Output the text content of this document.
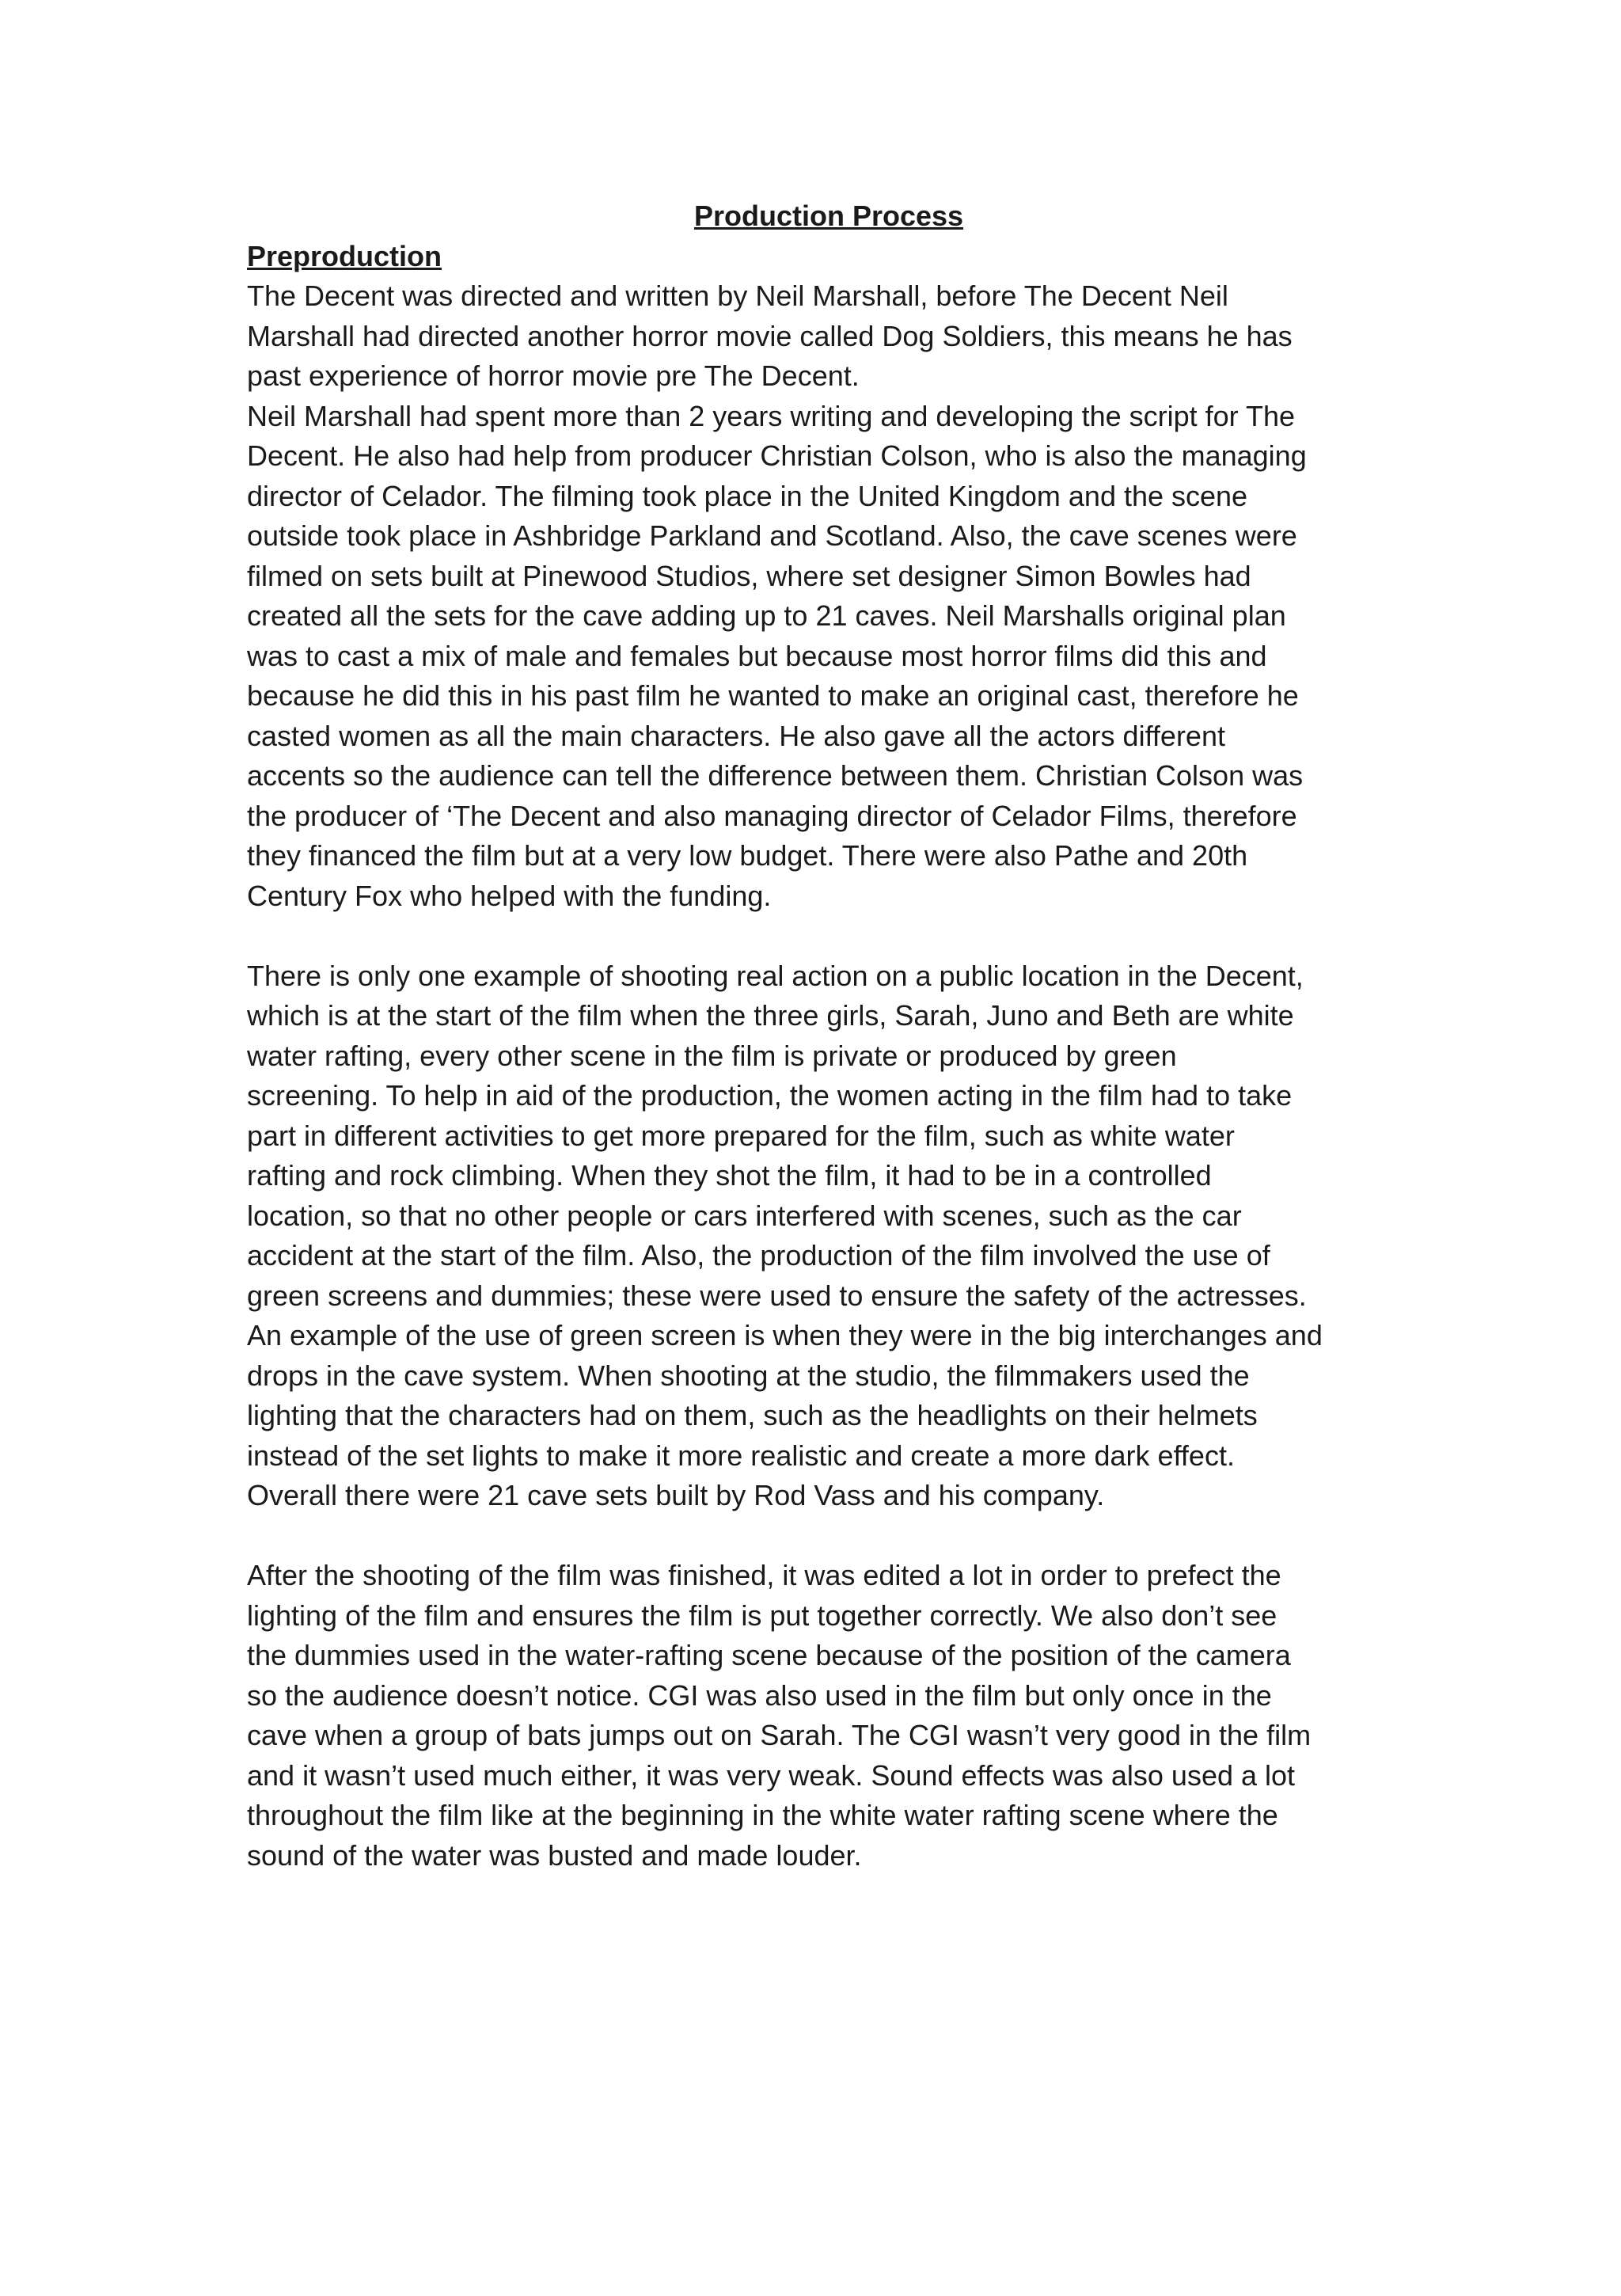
Production Process
Preproduction

The Decent was directed and written by Neil Marshall, before The Decent Neil
Marshall had directed another horror movie called Dog Soldiers, this means he has
past experience of horror movie pre The Decent.

Neil Marshall had spent more than 2 years writing and developing the script for The
Decent. He also had help from producer Christian Colson, who is also the managing
director of Celador. The filming took place in the United Kingdom and the scene
outside took place in Ashbridge Parkland and Scotland. Also, the cave scenes were
filmed on sets built at Pinewood Studios, where set designer Simon Bowles had
created all the sets for the cave adding up to 21 caves. Neil Marshalls original plan
was to cast a mix of male and females but because most horror films did this and
because he did this in his past film he wanted to make an original cast, therefore he
casted women as all the main characters. He also gave all the actors different
accents so the audience can tell the difference between them. Christian Colson was
the producer of ‘The Decent and also managing director of Celador Films, therefore
they financed the film but at a very low budget. There were also Pathe and 20th
Century Fox who helped with the funding.

There is only one example of shooting real action on a public location in the Decent,
which is at the start of the film when the three girls, Sarah, Juno and Beth are white
water rafting, every other scene in the film is private or produced by green
screening. To help in aid of the production, the women acting in the film had to take
part in different activities to get more prepared for the film, such as white water
rafting and rock climbing. When they shot the film, it had to be in a controlled
location, so that no other people or cars interfered with scenes, such as the car
accident at the start of the film. Also, the production of the film involved the use of
green screens and dummies; these were used to ensure the safety of the actresses.
An example of the use of green screen is when they were in the big interchanges and
drops in the cave system. When shooting at the studio, the filmmakers used the
lighting that the characters had on them, such as the headlights on their helmets
instead of the set lights to make it more realistic and create a more dark effect.
Overall there were 21 cave sets built by Rod Vass and his company.

After the shooting of the film was finished, it was edited a lot in order to prefect the
lighting of the film and ensures the film is put together correctly. We also don’t see
the dummies used in the water-rafting scene because of the position of the camera
so the audience doesn’t notice. CGI was also used in the film but only once in the
cave when a group of bats jumps out on Sarah. The CGI wasn’t very good in the film
and it wasn’t used much either, it was very weak. Sound effects was also used a lot
throughout the film like at the beginning in the white water rafting scene where the
sound of the water was busted and made louder.
